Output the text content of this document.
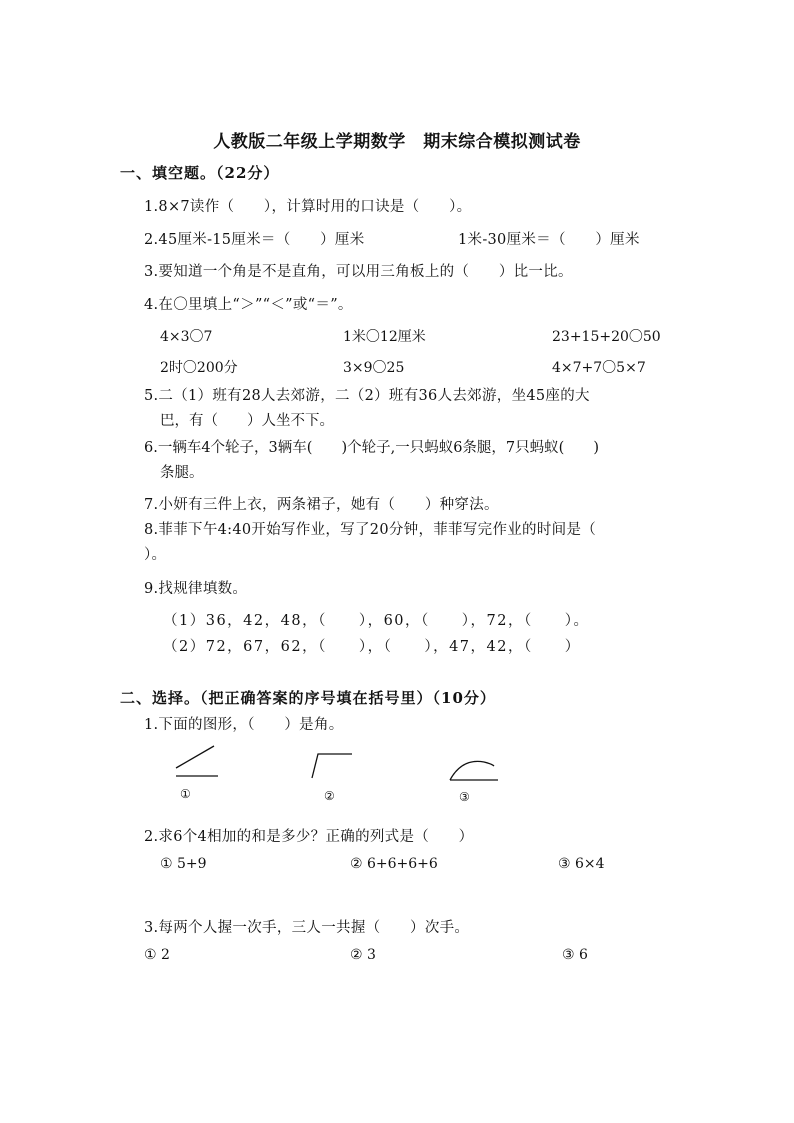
人教版二年级上学期数学　期末综合模拟测试卷
一、填空题。（22分）
1.8×7读作（　　），计算时用的口诀是（　　）。
2.45厘米-15厘米＝（　　）厘米	1米-30厘米＝（　　）厘米
3.要知道一个角是不是直角，可以用三角板上的（　　）比一比。
4.在〇里填上“＞”“＜”或“＝”。
4×3〇7	1米〇12厘米	23+15+20〇50
2时〇200分	3×9〇25	4×7+7〇5×7
5.二（1）班有28人去郊游，二（2）班有36人去郊游，坐45座的大
巴，有（　　）人坐不下。
6.一辆车4个轮子，3辆车(　　)个轮子,一只蚂蚁6条腿，7只蚂蚁(　　)
条腿。
7.小妍有三件上衣，两条裙子，她有（　　）种穿法。
8.菲菲下午4:40开始写作业，写了20分钟，菲菲写完作业的时间是（
）。
9.找规律填数。
（1）36，42，48，（　　），60，（　　），72，（　　）。
（2）72，67，62，（　　），（　　），47，42，（　　）
二、选择。（把正确答案的序号填在括号里）（10分）
1.下面的图形，（　　）是角。
①	②	③
2.求6个4相加的和是多少？正确的列式是（　　）
① 5+9	② 6+6+6+6	③ 6×4
3.每两个人握一次手，三人一共握（　　）次手。
① 2	② 3	③ 6
